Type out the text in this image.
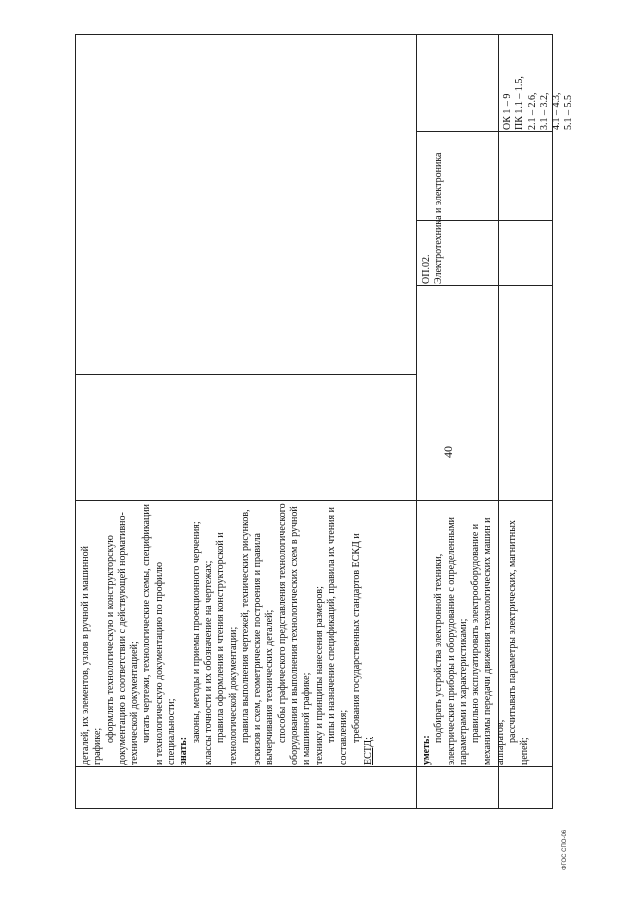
40
ФГОС СПО-06

деталей, их элементов, узлов в ручной и машинной графике;

оформлять технологическую и конструкторскую документацию в соответствии с действующей нормативно-технической документацией; читать чертежи, технологические схемы, спецификации и технологическую документацию по профилю специальности; знать:

законы, методы и приемы проекционного черчения; классы точности и их обозначение на чертежах; правила оформления и чтения конструкторской и технологической документации; правила выполнения чертежей, технических рисунков, эскизов и схем, геометрические построения и правила вычерчивания технических деталей; способы графического представления технологического оборудования и выполнения технологических схем в ручной и машинной графике; технику и принципы нанесения размеров; типы и назначение спецификаций, правила их чтения и составления; требования государственных стандартов ЕСКД и

ЕСТД;	уметь:

подбирать устройства электронной техники, электрические приборы и оборудование с определенными параметрами и характеристиками; правильно эксплуатировать электрооборудование и механизмы передачи движения технологических машин и аппаратов; рассчитывать параметры электрических, магнитных цепей;

ОП.02. Электротехника и электроника

ОК 1 – 9 ПК 1.1 – 1.5, 2.1 – 2.6, 3.1 – 3.2, 4.1 – 4.3, 5.1 – 5.5
